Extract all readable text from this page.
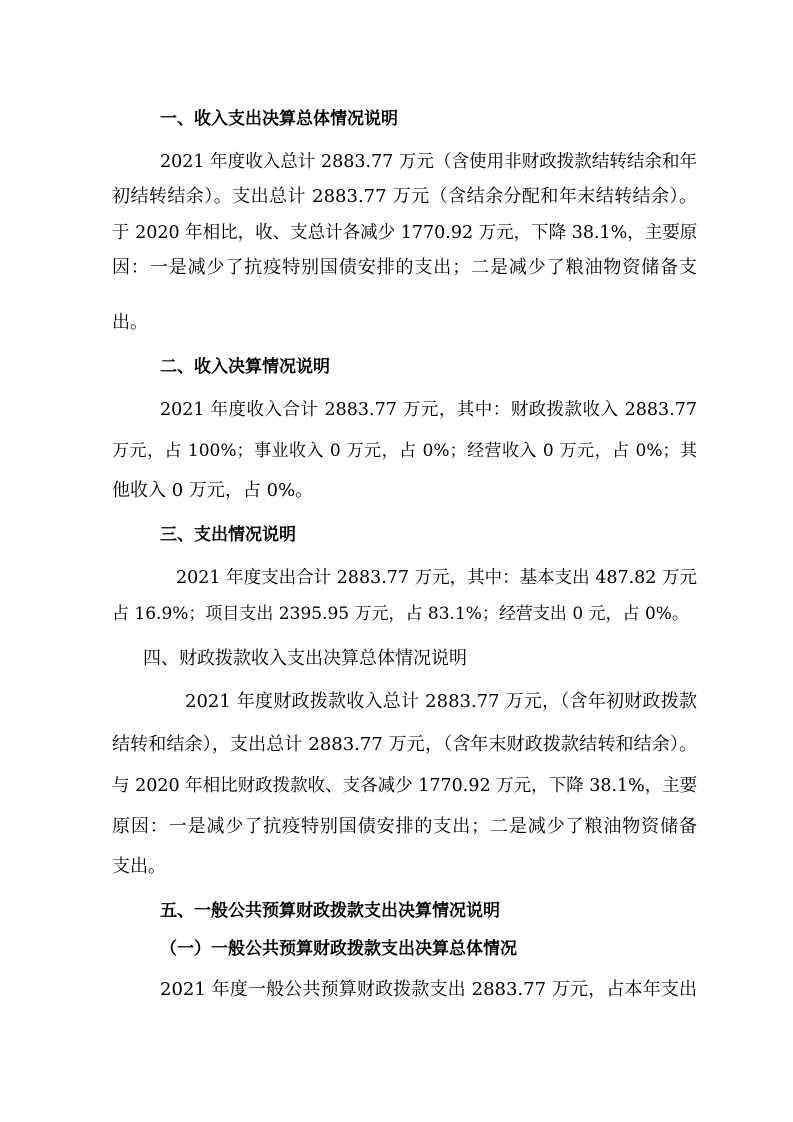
一、收入支出决算总体情况说明
2021 年度收入总计 2883.77 万元（含使用非财政拨款结转结余和年
初结转结余）。支出总计 2883.77 万元（含结余分配和年末结转结余）。
于 2020 年相比，收、支总计各减少 1770.92 万元，下降 38.1%，主要原
因：一是减少了抗疫特别国债安排的支出；二是减少了粮油物资储备支
出。
二、收入决算情况说明
2021 年度收入合计 2883.77 万元，其中：财政拨款收入 2883.77
万元，占 100%；事业收入 0 万元，占 0%；经营收入 0 万元，占 0%；其
他收入 0 万元，占 0%。
三、支出情况说明
2021 年度支出合计 2883.77 万元，其中：基本支出 487.82 万元
占 16.9%；项目支出 2395.95 万元，占 83.1%；经营支出 0 元，占 0%。
四、财政拨款收入支出决算总体情况说明
2021 年度财政拨款收入总计 2883.77 万元，（含年初财政拨款
结转和结余），支出总计 2883.77 万元，（含年末财政拨款结转和结余）。
与 2020 年相比财政拨款收、支各减少 1770.92 万元，下降 38.1%，主要
原因：一是减少了抗疫特别国债安排的支出；二是减少了粮油物资储备
支出。
五、一般公共预算财政拨款支出决算情况说明
（一）一般公共预算财政拨款支出决算总体情况
2021 年度一般公共预算财政拨款支出 2883.77 万元，占本年支出
